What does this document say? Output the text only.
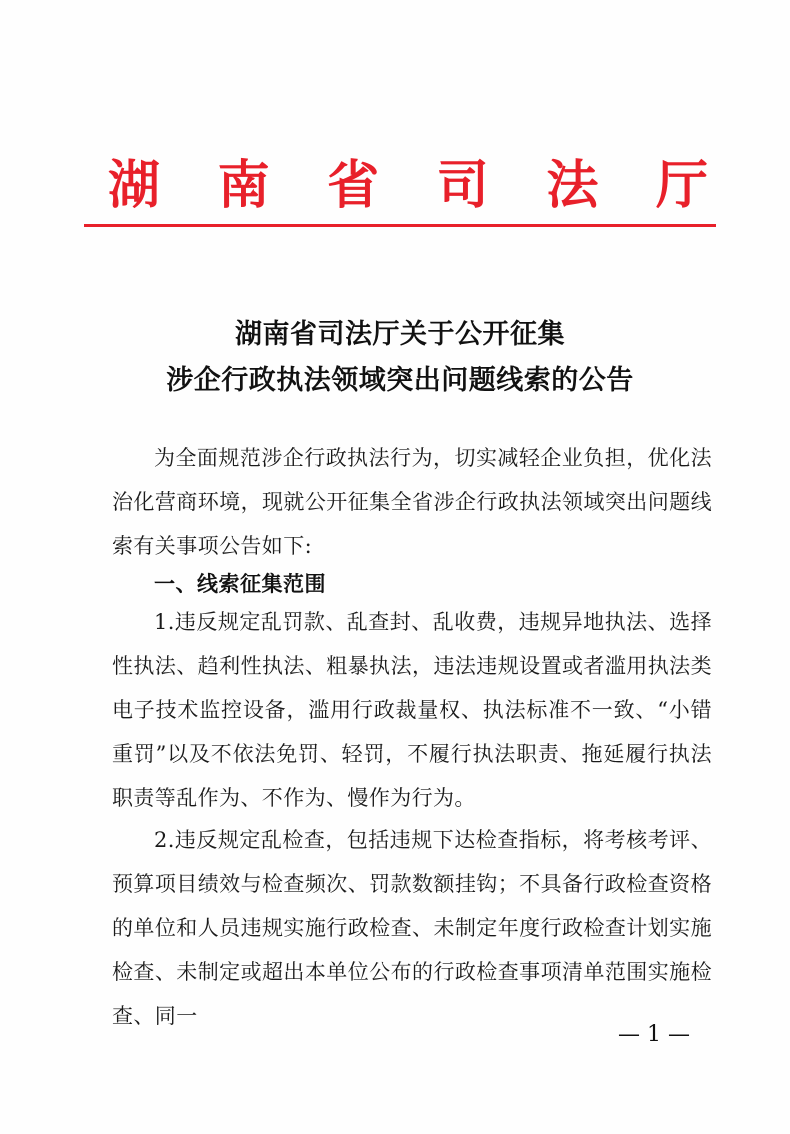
湖 南 省 司 法 厅
湖南省司法厅关于公开征集
涉企行政执法领域突出问题线索的公告
为全面规范涉企行政执法行为，切实减轻企业负担，优化法治化营商环境，现就公开征集全省涉企行政执法领域突出问题线索有关事项公告如下:
一、线索征集范围
1.违反规定乱罚款、乱查封、乱收费，违规异地执法、选择性执法、趋利性执法、粗暴执法，违法违规设置或者滥用执法类电子技术监控设备，滥用行政裁量权、执法标准不一致、“小错重罚”以及不依法免罚、轻罚，不履行执法职责、拖延履行执法职责等乱作为、不作为、慢作为行为。
2.违反规定乱检查，包括违规下达检查指标，将考核考评、预算项目绩效与检查频次、罚款数额挂钩；不具备行政检查资格的单位和人员违规实施行政检查、未制定年度行政检查计划实施检查、未制定或超出本单位公布的行政检查事项清单范围实施检查、同一
— 1 —
